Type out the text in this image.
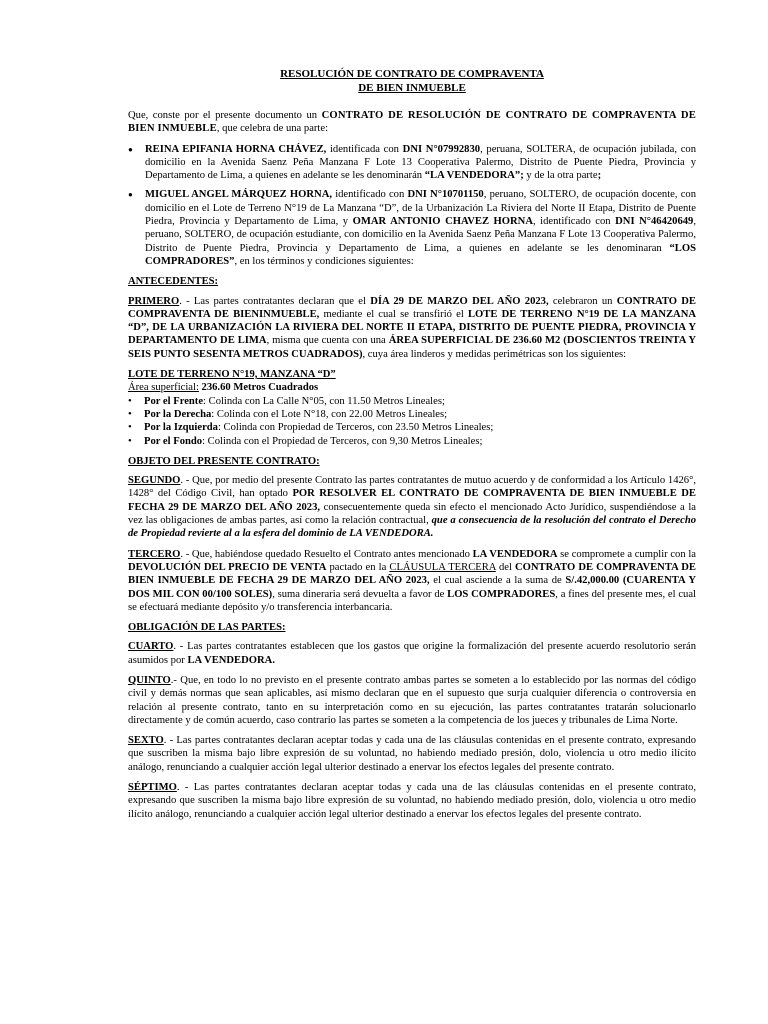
RESOLUCIÓN DE CONTRATO DE COMPRAVENTA
DE BIEN INMUEBLE

Que, conste por el presente documento un CONTRATO DE RESOLUCIÓN DE CONTRATO DE COMPRAVENTA DE BIEN INMUEBLE, que celebra de una parte:

● REINA EPIFANIA HORNA CHÁVEZ, identificada con DNI N°07992830, peruana, SOLTERA, de ocupación jubilada, con domicilio en la Avenida Saenz Peña Manzana F Lote 13 Cooperativa Palermo, Distrito de Puente Piedra, Provincia y Departamento de Lima, a quienes en adelante se les denominarán “LA VENDEDORA”; y de la otra parte;
● MIGUEL ANGEL MÁRQUEZ HORNA, identificado con DNI N°10701150, peruano, SOLTERO, de ocupación docente, con domicilio en el Lote de Terreno N°19 de La Manzana “D”, de la Urbanización La Riviera del Norte II Etapa, Distrito de Puente Piedra, Provincia y Departamento de Lima, y OMAR ANTONIO CHAVEZ HORNA, identificado con DNI N°46420649, peruano, SOLTERO, de ocupación estudiante, con domicilio en la Avenida Saenz Peña Manzana F Lote 13 Cooperativa Palermo, Distrito de Puente Piedra, Provincia y Departamento de Lima, a quienes en adelante se les denominaran “LOS COMPRADORES”, en los términos y condiciones siguientes:
ANTECEDENTES:

PRIMERO. - Las partes contratantes declaran que el DÍA 29 DE MARZO DEL AÑO 2023, celebraron un CONTRATO DE COMPRAVENTA DE BIENINMUEBLE, mediante el cual se transfirió el LOTE DE TERRENO N°19 DE LA MANZANA “D”, DE LA URBANIZACIÓN LA RIVIERA DEL NORTE II ETAPA, DISTRITO DE PUENTE PIEDRA, PROVINCIA Y DEPARTAMENTO DE LIMA, misma que cuenta con una ÁREA SUPERFICIAL DE 236.60 M2 (DOSCIENTOS TREINTA Y SEIS PUNTO SESENTA METROS CUADRADOS), cuya área linderos y medidas perimétricas son los siguientes:

LOTE DE TERRENO N°19, MANZANA “D”
Área superficial: 236.60 Metros Cuadrados
• Por el Frente: Colinda con La Calle N°05, con 11.50 Metros Lineales;
• Por la Derecha: Colinda con el Lote N°18, con 22.00 Metros Lineales;
• Por la Izquierda: Colinda con Propiedad de Terceros, con 23.50 Metros Lineales;
• Por el Fondo: Colinda con el Propiedad de Terceros, con 9,30 Metros Lineales;
OBJETO DEL PRESENTE CONTRATO:

SEGUNDO. - Que, por medio del presente Contrato las partes contratantes de mutuo acuerdo y de conformidad a los Artículo 1426°, 1428° del Código Civil, han optado POR RESOLVER EL CONTRATO DE COMPRAVENTA DE BIEN INMUEBLE DE FECHA 29 DE MARZO DEL AÑO 2023, consecuentemente queda sin efecto el mencionado Acto Jurídico, suspendiéndose a la vez las obligaciones de ambas partes, así como la relación contractual, que a consecuencia de la resolución del contrato el Derecho de Propiedad revierte al a la esfera del dominio de LA VENDEDORA.

TERCERO. - Que, habiéndose quedado Resuelto el Contrato antes mencionado LA VENDEDORA se compromete a cumplir con la DEVOLUCIÓN DEL PRECIO DE VENTA pactado en la CLÁUSULA TERCERA del CONTRATO DE COMPRAVENTA DE BIEN INMUEBLE DE FECHA 29 DE MARZO DEL AÑO 2023, el cual asciende a la suma de S/.42,000.00 (CUARENTA Y DOS MIL CON 00/100 SOLES), suma dineraria será devuelta a favor de LOS COMPRADORES, a fines del presente mes, el cual se efectuará mediante depósito y/o transferencia interbancaria.

OBLIGACIÓN DE LAS PARTES:

CUARTO. - Las partes contratantes establecen que los gastos que origine la formalización del presente acuerdo resolutorio serán asumidos por LA VENDEDORA.

QUINTO.- Que, en todo lo no previsto en el presente contrato ambas partes se someten a lo establecido por las normas del código civil y demás normas que sean aplicables, así mismo declaran que en el supuesto que surja cualquier diferencia o controversia en relación al presente contrato, tanto en su interpretación como en su ejecución, las partes contratantes tratarán solucionarlo directamente y de común acuerdo, caso contrario las partes se someten a la competencia de los jueces y tribunales de Lima Norte.

SEXTO. - Las partes contratantes declaran aceptar todas y cada una de las cláusulas contenidas en el presente contrato, expresando que suscriben la misma bajo libre expresión de su voluntad, no habiendo mediado presión, dolo, violencia u otro medio ilícito análogo, renunciando a cualquier acción legal ulterior destinado a enervar los efectos legales del presente contrato.

SÉPTIMO. - Las partes contratantes declaran aceptar todas y cada una de las cláusulas contenidas en el presente contrato, expresando que suscriben la misma bajo libre expresión de su voluntad, no habiendo mediado presión, dolo, violencia u otro medio ilícito análogo, renunciando a cualquier acción legal ulterior destinado a enervar los efectos legales del presente contrato.
